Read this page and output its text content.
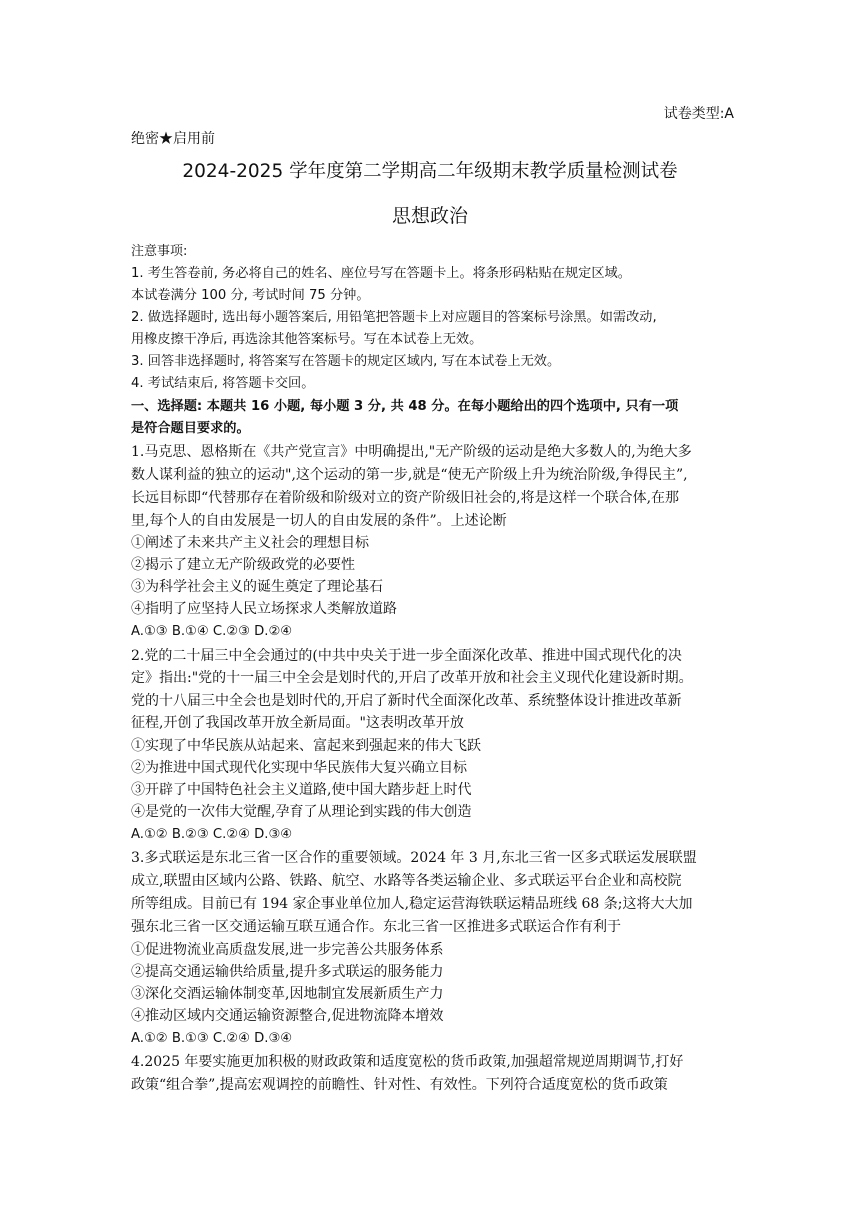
试卷类型:A
绝密★启用前
2024-2025 学年度第二学期高二年级期末教学质量检测试卷
思想政治
注意事项:
1. 考生答卷前, 务必将自己的姓名、座位号写在答题卡上。将条形码粘贴在规定区域。
本试卷满分 100 分, 考试时间 75 分钟。
2. 做选择题时, 选出每小题答案后, 用铅笔把答题卡上对应题目的答案标号涂黑。如需改动,
用橡皮擦干净后, 再选涂其他答案标号。写在本试卷上无效。
3. 回答非选择题时, 将答案写在答题卡的规定区域内, 写在本试卷上无效。
4. 考试结束后, 将答题卡交回。
一、选择题: 本题共 16 小题, 每小题 3 分, 共 48 分。在每小题给出的四个选项中, 只有一项
是符合题目要求的。
1.马克思、恩格斯在《共产党宣言》中明确提出,"无产阶级的运动是绝大多数人的,为绝大多
数人谋利益的独立的运动",这个运动的第一步,就是“使无产阶级上升为统治阶级,争得民主”,
长远目标即“代替那存在着阶级和阶级对立的资产阶级旧社会的,将是这样一个联合体,在那
里,每个人的自由发展是一切人的自由发展的条件”。上述论断
①阐述了未来共产主义社会的理想目标
②揭示了建立无产阶级政党的必要性
③为科学社会主义的诞生奠定了理论基石
④指明了应坚持人民立场探求人类解放道路
A.①③ B.①④ C.②③ D.②④
2.党的二十届三中全会通过的(中共中央关于进一步全面深化改革、推进中国式现代化的决
定》指出:"党的十一届三中全会是划时代的,开启了改革开放和社会主义现代化建设新时期。
党的十八届三中全会也是划时代的,开启了新时代全面深化改革、系统整体设计推进改革新
征程,开创了我国改革开放全新局面。"这表明改革开放
①实现了中华民族从站起来、富起来到强起来的伟大飞跃
②为推进中国式现代化实现中华民族伟大复兴确立目标
③开辟了中国特色社会主义道路,使中国大踏步赶上时代
④是党的一次伟大觉醒,孕育了从理论到实践的伟大创造
A.①② B.②③ C.②④ D.③④
3.多式联运是东北三省一区合作的重要领域。2024 年 3 月,东北三省一区多式联运发展联盟
成立,联盟由区域内公路、铁路、航空、水路等各类运输企业、多式联运平台企业和高校院
所等组成。目前已有 194 家企事业单位加人,稳定运营海铁联运精品班线 68 条;这将大大加
强东北三省一区交通运输互联互通合作。东北三省一区推进多式联运合作有利于
①促进物流业高质盘发展,进一步完善公共服务体系
②提高交通运输供给质量,提升多式联运的服务能力
③深化交酒运输体制变革,因地制宜发展新质生产力
④推动区域内交通运输资源整合,促进物流降本增效
A.①② B.①③ C.②④ D.③④
4.2025 年要实施更加积极的财政政策和适度宽松的货币政策,加强超常规逆周期调节,打好
政策“组合拳”,提高宏观调控的前瞻性、针对性、有效性。下列符合适度宽松的货币政策
